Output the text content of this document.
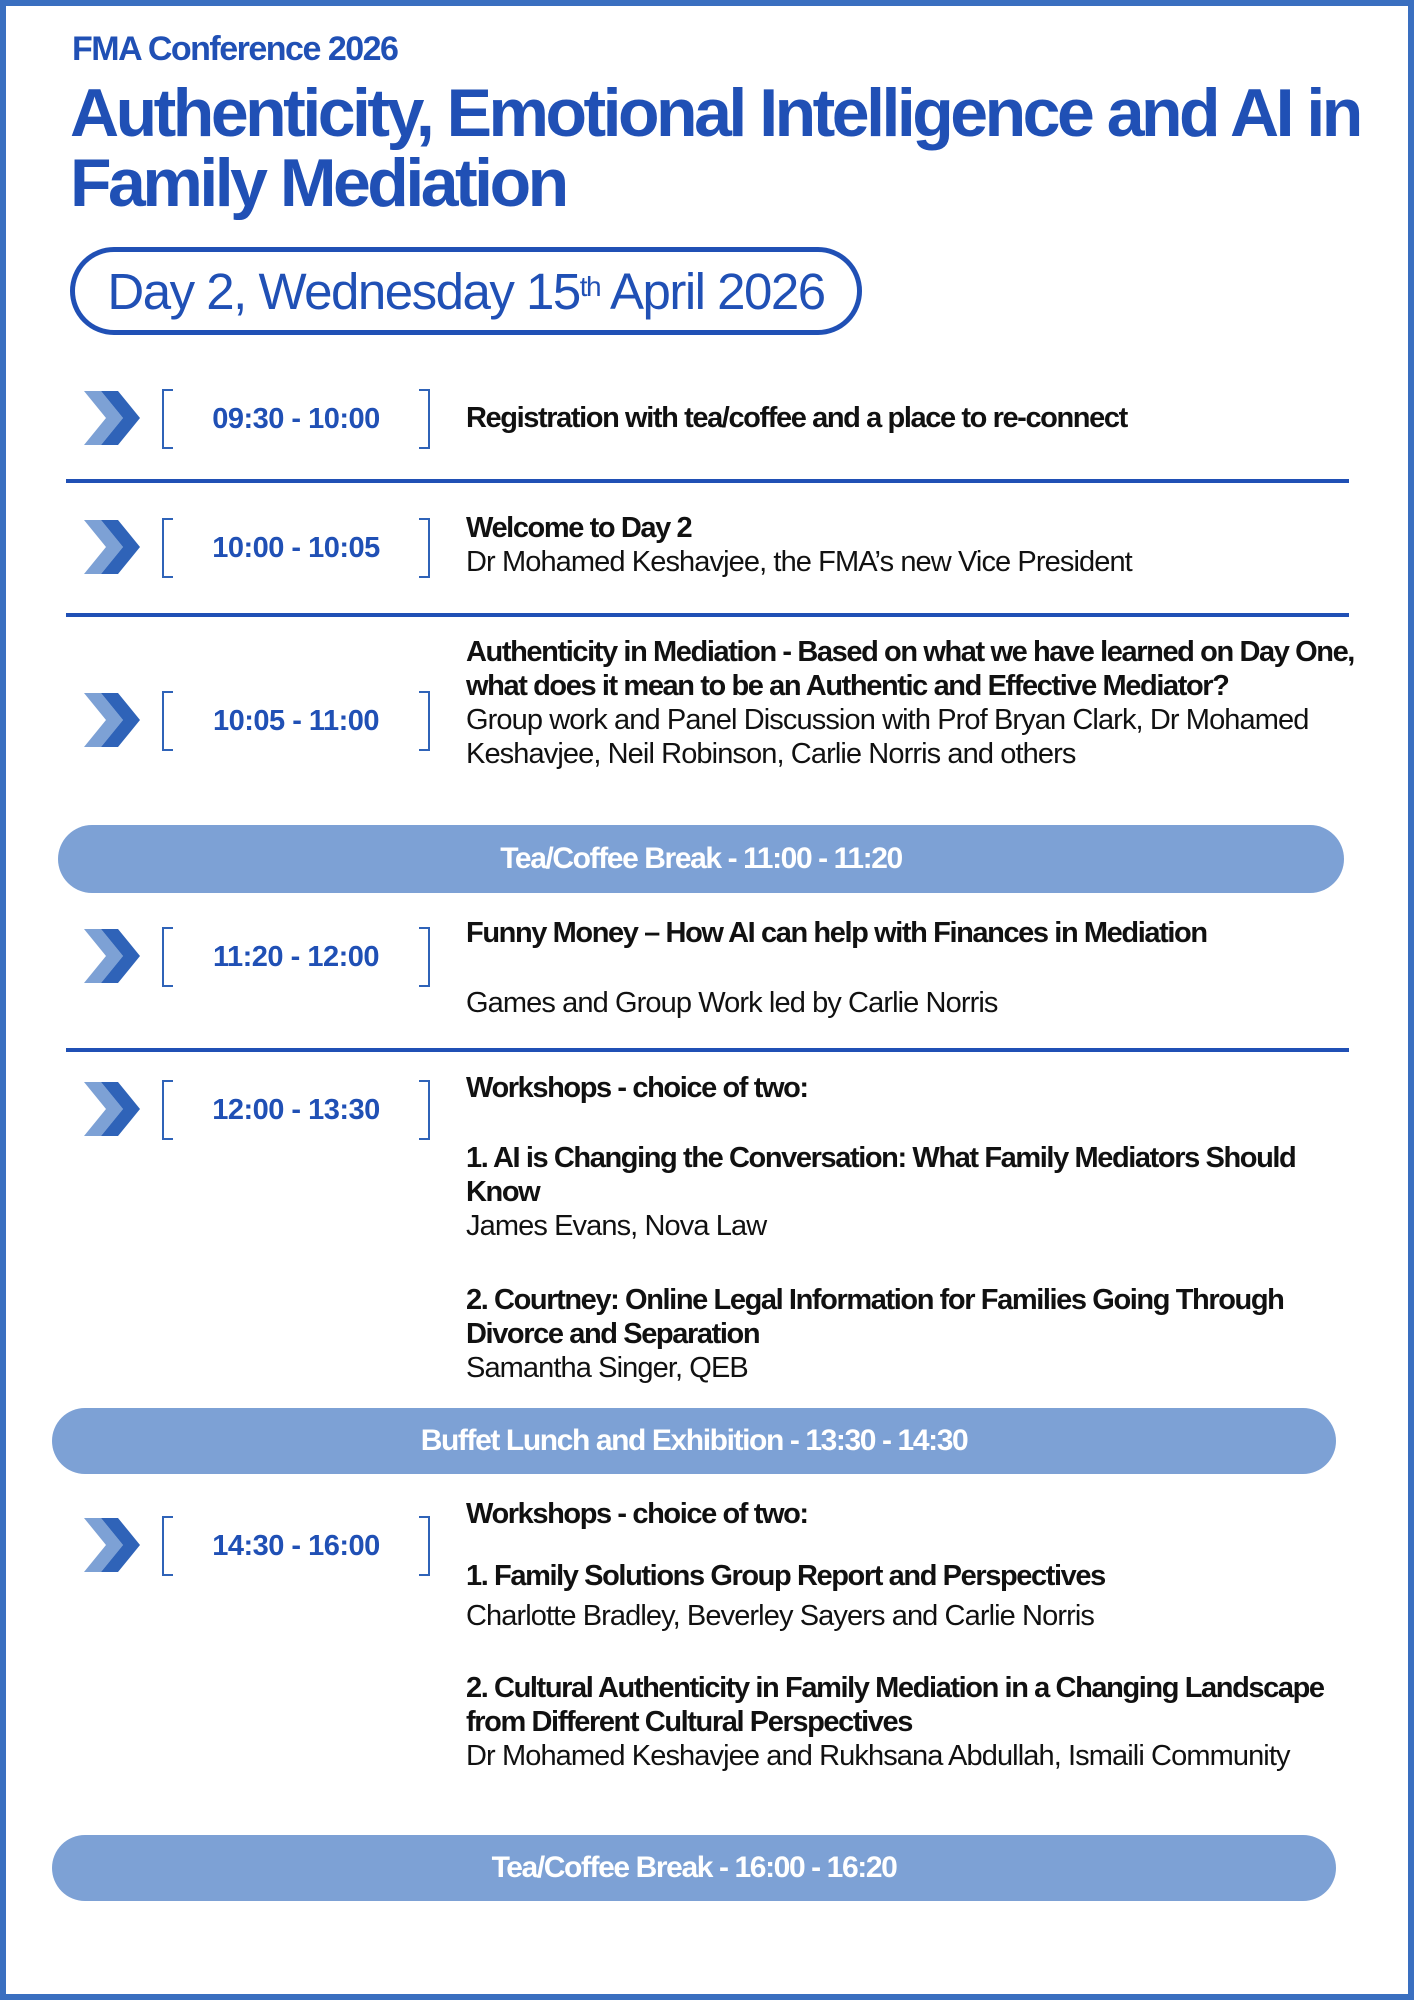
FMA Conference 2026
Authenticity, Emotional Intelligence and AI in Family Mediation
Day 2, Wednesday 15th April 2026
09:30 - 10:00	Registration with tea/coffee and a place to re-connect
10:00 - 10:05
Welcome to Day 2
Dr Mohamed Keshavjee, the FMA’s new Vice President
10:05 - 11:00
Authenticity in Mediation - Based on what we have learned on Day One, what does it mean to be an Authentic and Effective Mediator?
Group work and Panel Discussion with Prof Bryan Clark, Dr Mohamed Keshavjee, Neil Robinson, Carlie Norris and others
Tea/Coffee Break - 11:00 - 11:20
11:20 - 12:00
Funny Money – How AI can help with Finances in Mediation
Games and Group Work led by Carlie Norris
12:00 - 13:30
Workshops - choice of two:
1. AI is Changing the Conversation: What Family Mediators Should Know
James Evans, Nova Law
2. Courtney: Online Legal Information for Families Going Through Divorce and Separation
Samantha Singer, QEB
Buffet Lunch and Exhibition - 13:30 - 14:30
14:30 - 16:00
Workshops - choice of two:
1. Family Solutions Group Report and Perspectives
Charlotte Bradley, Beverley Sayers and Carlie Norris
2. Cultural Authenticity in Family Mediation in a Changing Landscape from Different Cultural Perspectives
Dr Mohamed Keshavjee and Rukhsana Abdullah, Ismaili Community
Tea/Coffee Break - 16:00 - 16:20
